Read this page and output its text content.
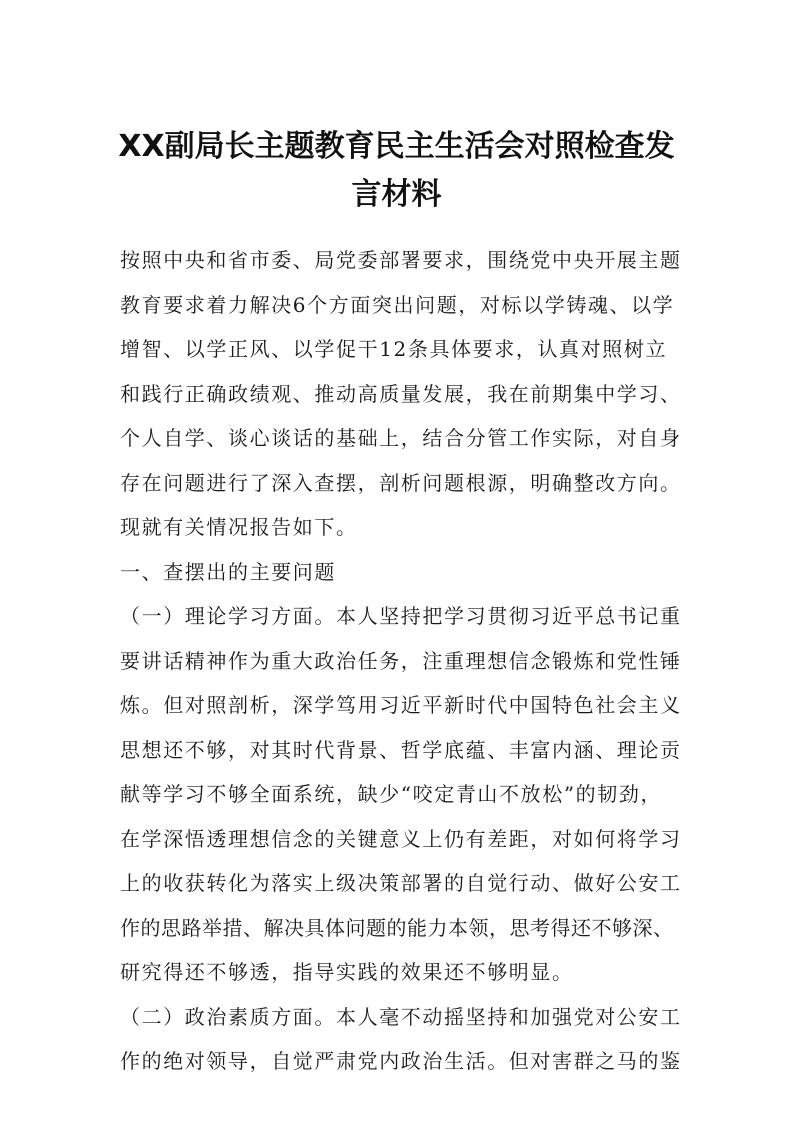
XX副局长主题教育民主生活会对照检查发
言材料
按照中央和省市委、局党委部署要求，围绕党中央开展主题
教育要求着力解决6个方面突出问题，对标以学铸魂、以学
增智、以学正风、以学促干12条具体要求，认真对照树立
和践行正确政绩观、推动高质量发展，我在前期集中学习、
个人自学、谈心谈话的基础上，结合分管工作实际，对自身
存在问题进行了深入查摆，剖析问题根源，明确整改方向。
现就有关情况报告如下。
一、查摆出的主要问题
（一）理论学习方面。本人坚持把学习贯彻习近平总书记重
要讲话精神作为重大政治任务，注重理想信念锻炼和党性锤
炼。但对照剖析，深学笃用习近平新时代中国特色社会主义
思想还不够，对其时代背景、哲学底蕴、丰富内涵、理论贡
献等学习不够全面系统，缺少“咬定青山不放松”的韧劲，
在学深悟透理想信念的关键意义上仍有差距，对如何将学习
上的收获转化为落实上级决策部署的自觉行动、做好公安工
作的思路举措、解决具体问题的能力本领，思考得还不够深、
研究得还不够透，指导实践的效果还不够明显。
（二）政治素质方面。本人毫不动摇坚持和加强党对公安工
作的绝对领导，自觉严肃党内政治生活。但对害群之马的鉴
